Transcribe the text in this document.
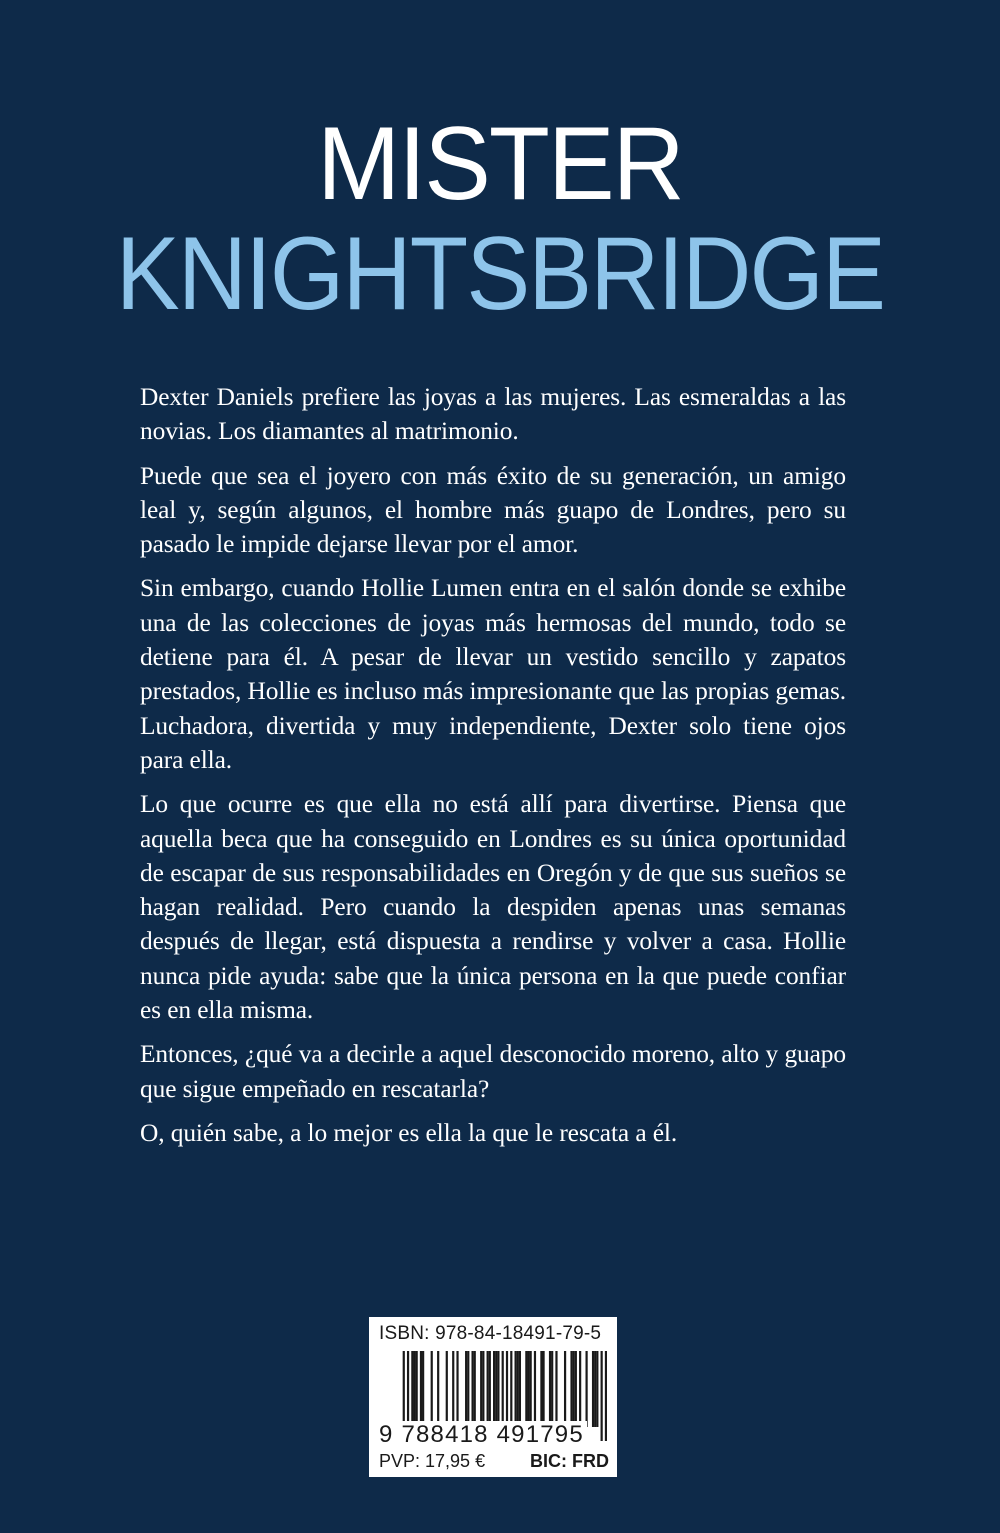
MISTER
KNIGHTSBRIDGE

Dexter Daniels prefiere las joyas a las mujeres. Las esmeraldas a las novias. Los diamantes al matrimonio.

Puede que sea el joyero con más éxito de su generación, un amigo leal y, según algunos, el hombre más guapo de Londres, pero su pasado le impide dejarse llevar por el amor.

Sin embargo, cuando Hollie Lumen entra en el salón donde se exhibe una de las colecciones de joyas más hermosas del mundo, todo se detiene para él. A pesar de llevar un vestido sencillo y zapatos prestados, Hollie es incluso más impresionante que las propias gemas. Luchadora, divertida y muy independiente, Dexter solo tiene ojos para ella.

Lo que ocurre es que ella no está allí para divertirse. Piensa que aquella beca que ha conseguido en Londres es su única oportunidad de escapar de sus responsabilidades en Oregón y de que sus sueños se hagan realidad. Pero cuando la despiden apenas unas semanas después de llegar, está dispuesta a rendirse y volver a casa. Hollie nunca pide ayuda: sabe que la única persona en la que puede confiar es en ella misma.

Entonces, ¿qué va a decirle a aquel desconocido moreno, alto y guapo que sigue empeñado en rescatarla?

O, quién sabe, a lo mejor es ella la que le rescata a él.

ISBN: 978-84-18491-79-5
9 788418 491795
PVP: 17,95 € BIC: FRD
